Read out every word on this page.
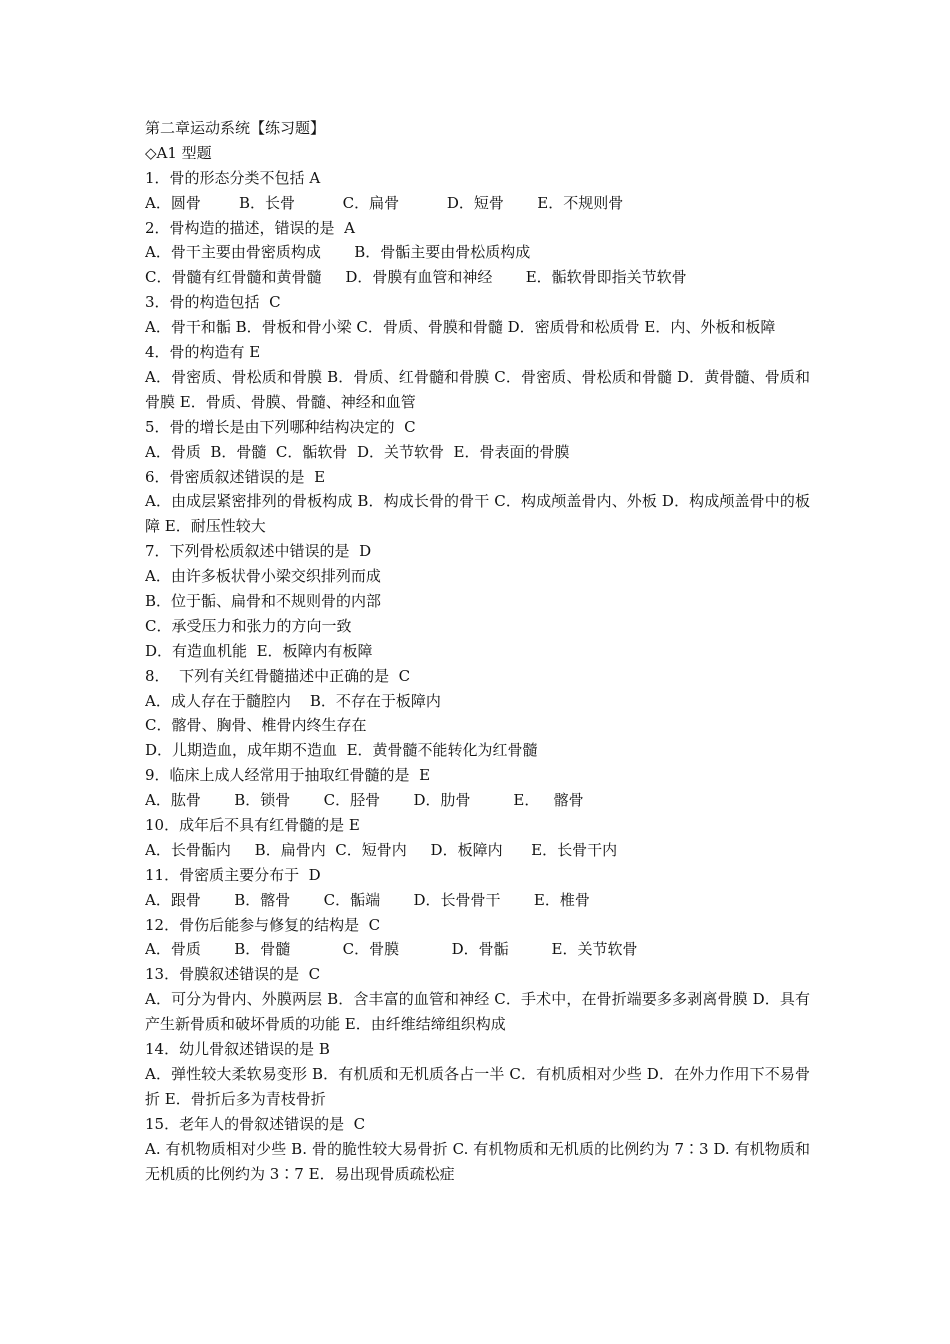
第二章运动系统【练习题】
◇A1 型题
1．骨的形态分类不包括 A
A．圆骨        B．长骨          C．扁骨          D．短骨       E．不规则骨
2．骨构造的描述，错误的是  A
A．骨干主要由骨密质构成       B．骨骺主要由骨松质构成
C．骨髓有红骨髓和黄骨髓     D．骨膜有血管和神经       E．骺软骨即指关节软骨
3．骨的构造包括  C
A．骨干和骺 B．骨板和骨小梁 C．骨质、骨膜和骨髓 D．密质骨和松质骨 E．内、外板和板障
4．骨的构造有 E
A．骨密质、骨松质和骨膜 B．骨质、红骨髓和骨膜 C．骨密质、骨松质和骨髓 D．黄骨髓、骨质和骨膜 E．骨质、骨膜、骨髓、神经和血管
5．骨的增长是由下列哪种结构决定的  C
A．骨质  B．骨髓  C．骺软骨  D．关节软骨  E．骨表面的骨膜
6．骨密质叙述错误的是  E
A．由成层紧密排列的骨板构成 B．构成长骨的骨干 C．构成颅盖骨内、外板 D．构成颅盖骨中的板障 E．耐压性较大
7．下列骨松质叙述中错误的是  D
A．由许多板状骨小梁交织排列而成
B．位于骺、扁骨和不规则骨的内部
C．承受压力和张力的方向一致
D．有造血机能  E．板障内有板障
8．  下列有关红骨髓描述中正确的是  C
A．成人存在于髓腔内    B．不存在于板障内
C．髂骨、胸骨、椎骨内终生存在
D．儿期造血，成年期不造血  E．黄骨髓不能转化为红骨髓
9．临床上成人经常用于抽取红骨髓的是  E
A．肱骨       B．锁骨       C．胫骨       D．肋骨         E．   髂骨
10．成年后不具有红骨髓的是 E
A．长骨骺内     B．扁骨内  C．短骨内     D．板障内      E．长骨干内
11．骨密质主要分布于  D
A．跟骨       B．髂骨       C．骺端       D．长骨骨干       E．椎骨
12．骨伤后能参与修复的结构是  C
A．骨质       B．骨髓           C．骨膜           D．骨骺         E．关节软骨
13．骨膜叙述错误的是  C
A．可分为骨内、外膜两层 B．含丰富的血管和神经 C．手术中，在骨折端要多多剥离骨膜 D．具有产生新骨质和破坏骨质的功能 E．由纤维结缔组织构成
14．幼儿骨叙述错误的是 B
A．弹性较大柔软易变形 B．有机质和无机质各占一半 C．有机质相对少些 D．在外力作用下不易骨折 E．骨折后多为青枝骨折
15．老年人的骨叙述错误的是  C
A. 有机物质相对少些 B. 骨的脆性较大易骨折 C. 有机物质和无机质的比例约为 7∶3 D. 有机物质和无机质的比例约为 3∶7 E．易出现骨质疏松症
